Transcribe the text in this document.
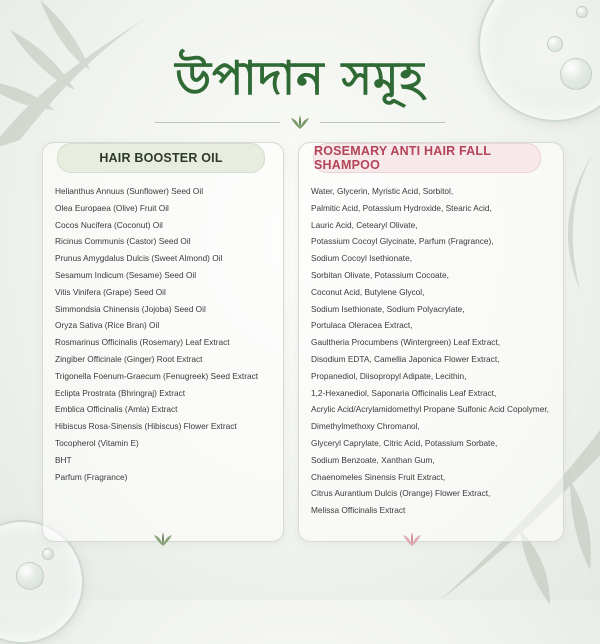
উপাদান সমূহ
HAIR BOOSTER OIL
Helianthus Annuus (Sunflower) Seed Oil
Olea Europaea (Olive) Fruit Oil
Cocos Nucifera (Coconut) Oil
Ricinus Communis (Castor) Seed Oil
Prunus Amygdalus Dulcis (Sweet Almond) Oil
Sesamum Indicum (Sesame) Seed Oil
Vitis Vinifera (Grape) Seed Oil
Simmondsia Chinensis (Jojoba) Seed Oil
Oryza Sativa (Rice Bran) Oil
Rosmarinus Officinalis (Rosemary) Leaf Extract
Zingiber Officinale (Ginger) Root Extract
Trigonella Foenum-Graecum (Fenugreek) Seed Extract
Eclipta Prostrata (Bhringraj) Extract
Emblica Officinalis (Amla) Extract
Hibiscus Rosa-Sinensis (Hibiscus) Flower Extract
Tocopherol (Vitamin E)
BHT
Parfum (Fragrance)
ROSEMARY ANTI HAIR FALL SHAMPOO
Water, Glycerin, Myristic Acid, Sorbitol,
Palmitic Acid, Potassium Hydroxide, Stearic Acid,
Lauric Acid, Cetearyl Olivate,
Potassium Cocoyl Glycinate, Parfum (Fragrance),
Sodium Cocoyl Isethionate,
Sorbitan Olivate, Potassium Cocoate,
Coconut Acid, Butylene Glycol,
Sodium Isethionate, Sodium Polyacrylate,
Portulaca Oleracea Extract,
Gaultheria Procumbens (Wintergreen) Leaf Extract,
Disodium EDTA, Camellia Japonica Flower Extract,
Propanediol, Diisopropyl Adipate, Lecithin,
1,2-Hexanediol, Saponaria Officinalis Leaf Extract,
Acrylic Acid/Acrylamidomethyl Propane Sulfonic Acid Copolymer,
Dimethylmethoxy Chromanol,
Glyceryl Caprylate, Citric Acid, Potassium Sorbate,
Sodium Benzoate, Xanthan Gum,
Chaenomeles Sinensis Fruit Extract,
Citrus Aurantium Dulcis (Orange) Flower Extract,
Melissa Officinalis Extract
